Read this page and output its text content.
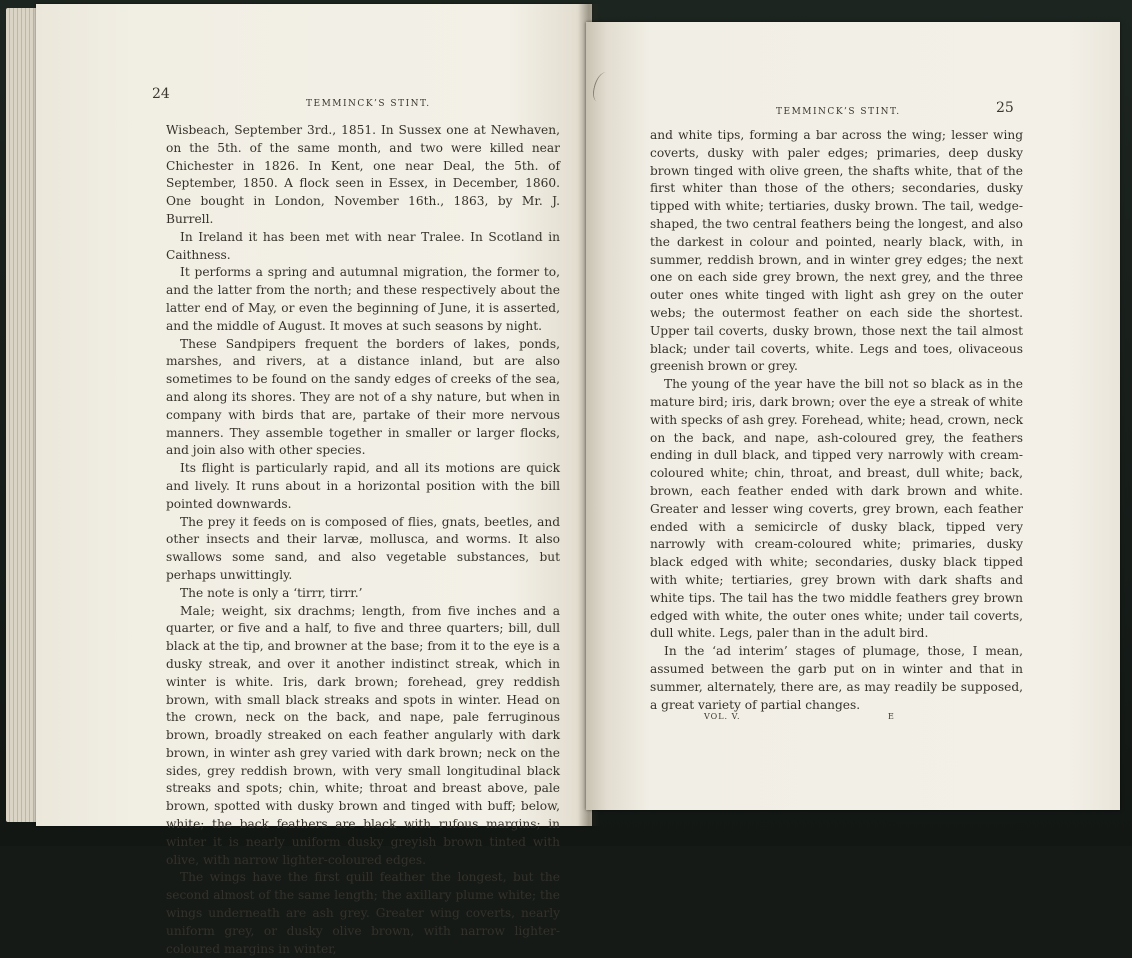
24
TEMMINCK’S STINT.

Wisbeach, September 3rd., 1851. In Sussex one at Newhaven, on the 5th. of the same month, and two were killed near Chichester in 1826. In Kent, one near Deal, the 5th. of September, 1850. A flock seen in Essex, in December, 1860. One bought in London, November 16th., 1863, by Mr. J. Burrell.

In Ireland it has been met with near Tralee. In Scotland in Caithness.

It performs a spring and autumnal migration, the former to, and the latter from the north; and these respectively about the latter end of May, or even the beginning of June, it is asserted, and the middle of August. It moves at such seasons by night.

These Sandpipers frequent the borders of lakes, ponds, marshes, and rivers, at a distance inland, but are also sometimes to be found on the sandy edges of creeks of the sea, and along its shores. They are not of a shy nature, but when in company with birds that are, partake of their more nervous manners. They assemble together in smaller or larger flocks, and join also with other species.

Its flight is particularly rapid, and all its motions are quick and lively. It runs about in a horizontal position with the bill pointed downwards.

The prey it feeds on is composed of flies, gnats, beetles, and other insects and their larvæ, mollusca, and worms. It also swallows some sand, and also vegetable substances, but perhaps unwittingly.

The note is only a ‘tirrr, tirrr.’

Male; weight, six drachms; length, from five inches and a quarter, or five and a half, to five and three quarters; bill, dull black at the tip, and browner at the base; from it to the eye is a dusky streak, and over it another indistinct streak, which in winter is white. Iris, dark brown; forehead, grey reddish brown, with small black streaks and spots in winter. Head on the crown, neck on the back, and nape, pale ferruginous brown, broadly streaked on each feather angularly with dark brown, in winter ash grey varied with dark brown; neck on the sides, grey reddish brown, with very small longitudinal black streaks and spots; chin, white; throat and breast above, pale brown, spotted with dusky brown and tinged with buff; below, white; the back feathers are black with rufous margins; in winter it is nearly uniform dusky greyish brown tinted with olive, with narrow lighter-coloured edges.

The wings have the first quill feather the longest, but the second almost of the same length; the axillary plume white; the wings underneath are ash grey. Greater wing coverts, nearly uniform grey, or dusky olive brown, with narrow lighter-coloured margins in winter,

TEMMINCK’S STINT.	25

and white tips, forming a bar across the wing; lesser wing coverts, dusky with paler edges; primaries, deep dusky brown tinged with olive green, the shafts white, that of the first whiter than those of the others; secondaries, dusky tipped with white; tertiaries, dusky brown. The tail, wedge-shaped, the two central feathers being the longest, and also the darkest in colour and pointed, nearly black, with, in summer, reddish brown, and in winter grey edges; the next one on each side grey brown, the next grey, and the three outer ones white tinged with light ash grey on the outer webs; the outermost feather on each side the shortest. Upper tail coverts, dusky brown, those next the tail almost black; under tail coverts, white. Legs and toes, olivaceous greenish brown or grey.

The young of the year have the bill not so black as in the mature bird; iris, dark brown; over the eye a streak of white with specks of ash grey. Forehead, white; head, crown, neck on the back, and nape, ash-coloured grey, the feathers ending in dull black, and tipped very narrowly with cream-coloured white; chin, throat, and breast, dull white; back, brown, each feather ended with dark brown and white. Greater and lesser wing coverts, grey brown, each feather ended with a semicircle of dusky black, tipped very narrowly with cream-coloured white; primaries, dusky black edged with white; secondaries, dusky black tipped with white; tertiaries, grey brown with dark shafts and white tips. The tail has the two middle feathers grey brown edged with white, the outer ones white; under tail coverts, dull white. Legs, paler than in the adult bird.

In the ‘ad interim’ stages of plumage, those, I mean, assumed between the garb put on in winter and that in summer, alternately, there are, as may readily be supposed, a great variety of partial changes.

VOL. V.	E
